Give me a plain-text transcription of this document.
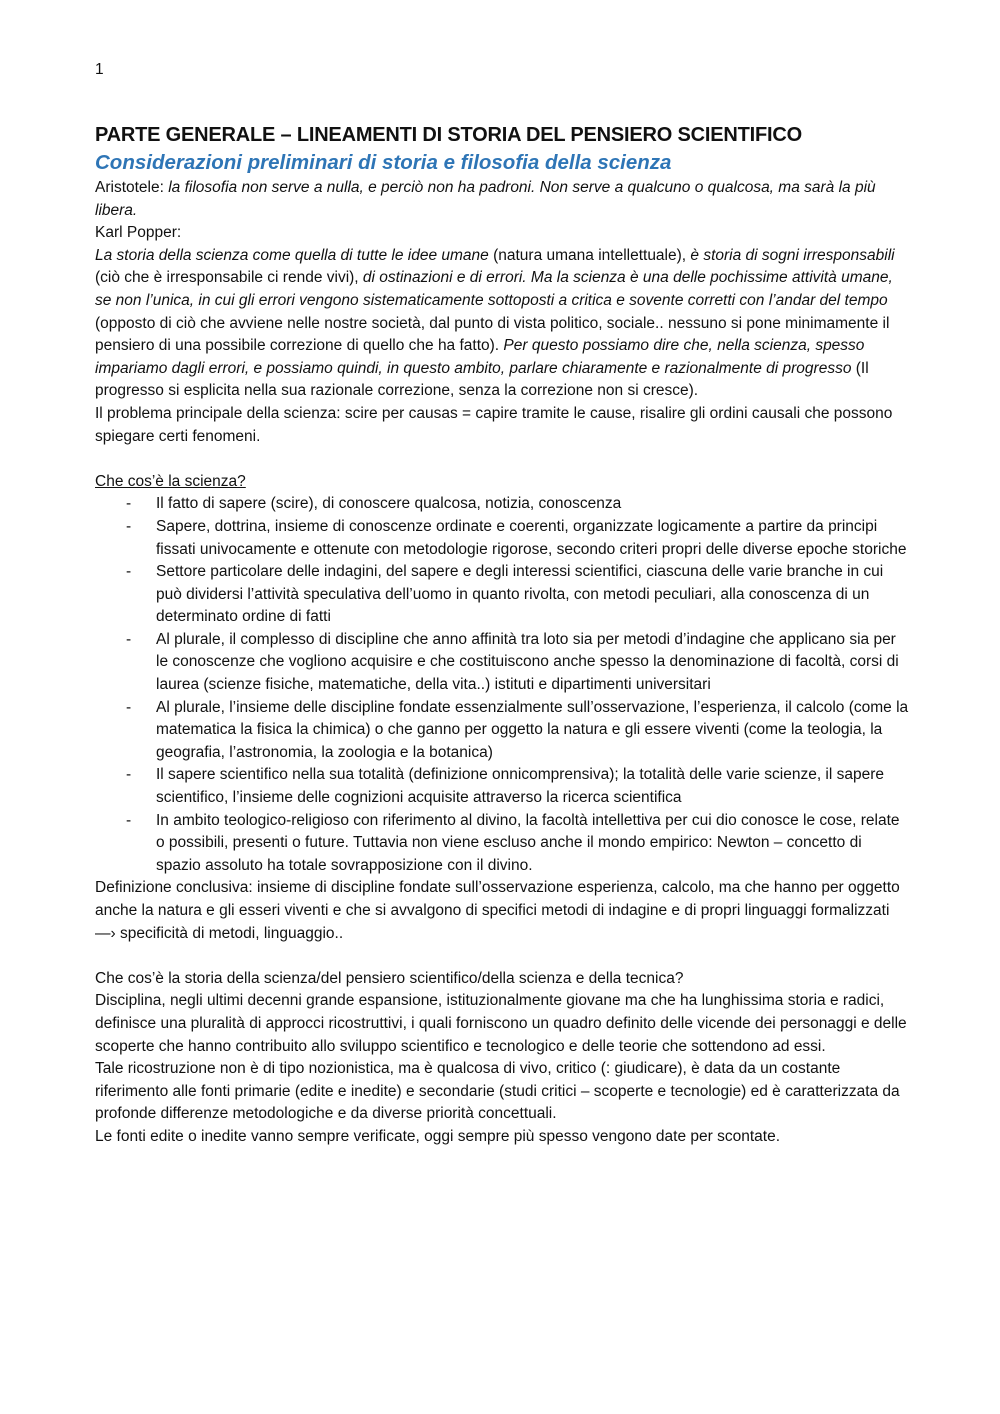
1
PARTE GENERALE – LINEAMENTI DI STORIA DEL PENSIERO SCIENTIFICO
Considerazioni preliminari di storia e filosofia della scienza

Aristotele: la filosofia non serve a nulla, e perciò non ha padroni. Non serve a qualcuno o qualcosa, ma sarà la più libera.

Karl Popper:

La storia della scienza come quella di tutte le idee umane (natura umana intellettuale), è storia di sogni irresponsabili (ciò che è irresponsabile ci rende vivi), di ostinazioni e di errori. Ma la scienza è una delle pochissime attività umane, se non l’unica, in cui gli errori vengono sistematicamente sottoposti a critica e sovente corretti con l’andar del tempo (opposto di ciò che avviene nelle nostre società, dal punto di vista politico, sociale.. nessuno si pone minimamente il pensiero di una possibile correzione di quello che ha fatto). Per questo possiamo dire che, nella scienza, spesso impariamo dagli errori, e possiamo quindi, in questo ambito, parlare chiaramente e razionalmente di progresso (Il progresso si esplicita nella sua razionale correzione, senza la correzione non si cresce).

Il problema principale della scienza: scire per causas = capire tramite le cause, risalire gli ordini causali che possono spiegare certi fenomeni.

Che cos’è la scienza?

- Il fatto di sapere (scire), di conoscere qualcosa, notizia, conoscenza
- Sapere, dottrina, insieme di conoscenze ordinate e coerenti, organizzate logicamente a partire da principi fissati univocamente e ottenute con metodologie rigorose, secondo criteri propri delle diverse epoche storiche
- Settore particolare delle indagini, del sapere e degli interessi scientifici, ciascuna delle varie branche in cui può dividersi l’attività speculativa dell’uomo in quanto rivolta, con metodi peculiari, alla conoscenza di un determinato ordine di fatti
- Al plurale, il complesso di discipline che anno affinità tra loto sia per metodi d’indagine che applicano sia per le conoscenze che vogliono acquisire e che costituiscono anche spesso la denominazione di facoltà, corsi di laurea (scienze fisiche, matematiche, della vita..) istituti e dipartimenti universitari
- Al plurale, l’insieme delle discipline fondate essenzialmente sull’osservazione, l’esperienza, il calcolo (come la matematica la fisica la chimica) o che ganno per oggetto la natura e gli essere viventi (come la teologia, la geografia, l’astronomia, la zoologia e la botanica)
- Il sapere scientifico nella sua totalità (definizione onnicomprensiva); la totalità delle varie scienze, il sapere scientifico, l’insieme delle cognizioni acquisite attraverso la ricerca scientifica
- In ambito teologico-religioso con riferimento al divino, la facoltà intellettiva per cui dio conosce le cose, relate o possibili, presenti o future. Tuttavia non viene escluso anche il mondo empirico: Newton – concetto di spazio assoluto ha totale sovrapposizione con il divino.

Definizione conclusiva: insieme di discipline fondate sull’osservazione esperienza, calcolo, ma che hanno per oggetto anche la natura e gli esseri viventi e che si avvalgono di specifici metodi di indagine e di propri linguaggi formalizzati —› specificità di metodi, linguaggio..

Che cos’è la storia della scienza/del pensiero scientifico/della scienza e della tecnica?

Disciplina, negli ultimi decenni grande espansione, istituzionalmente giovane ma che ha lunghissima storia e radici, definisce una pluralità di approcci ricostruttivi, i quali forniscono un quadro definito delle vicende dei personaggi e delle scoperte che hanno contribuito allo sviluppo scientifico e tecnologico e delle teorie che sottendono ad essi.

Tale ricostruzione non è di tipo nozionistica, ma è qualcosa di vivo, critico (: giudicare), è data da un costante riferimento alle fonti primarie (edite e inedite) e secondarie (studi critici – scoperte e tecnologie) ed è caratterizzata da profonde differenze metodologiche e da diverse priorità concettuali.

Le fonti edite o inedite vanno sempre verificate, oggi sempre più spesso vengono date per scontate.
